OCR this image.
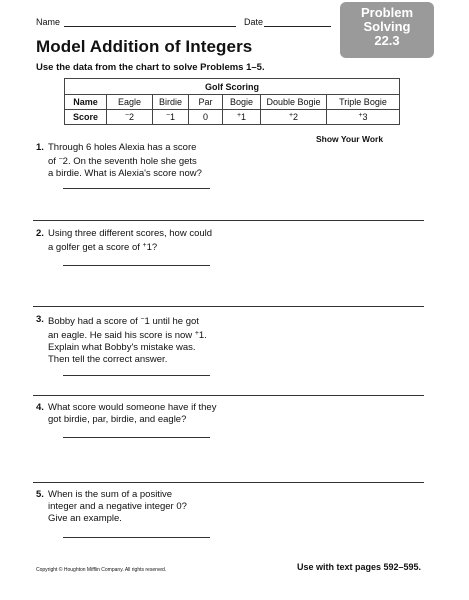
Name	Date
Problem
Solving
22.3
Model Addition of Integers
Use the data from the chart to solve Problems 1–5.
Golf Scoring						
Name	Eagle	Birdie	Par	Bogie	Double Bogie	Triple Bogie
Score	−2	−1	0	+1	+2	+3
Show Your Work
1. Through 6 holes Alexia has a score
of −2. On the seventh hole she gets
a birdie. What is Alexia's score now?
2. Using three different scores, how could
a golfer get a score of +1?
3. Bobby had a score of −1 until he got
an eagle. He said his score is now +1.
Explain what Bobby's mistake was.
Then tell the correct answer.
4. What score would someone have if they
got birdie, par, birdie, and eagle?
5. When is the sum of a positive
integer and a negative integer 0?
Give an example.
Copyright © Houghton Mifflin Company. All rights reserved.	Use with text pages 592–595.
